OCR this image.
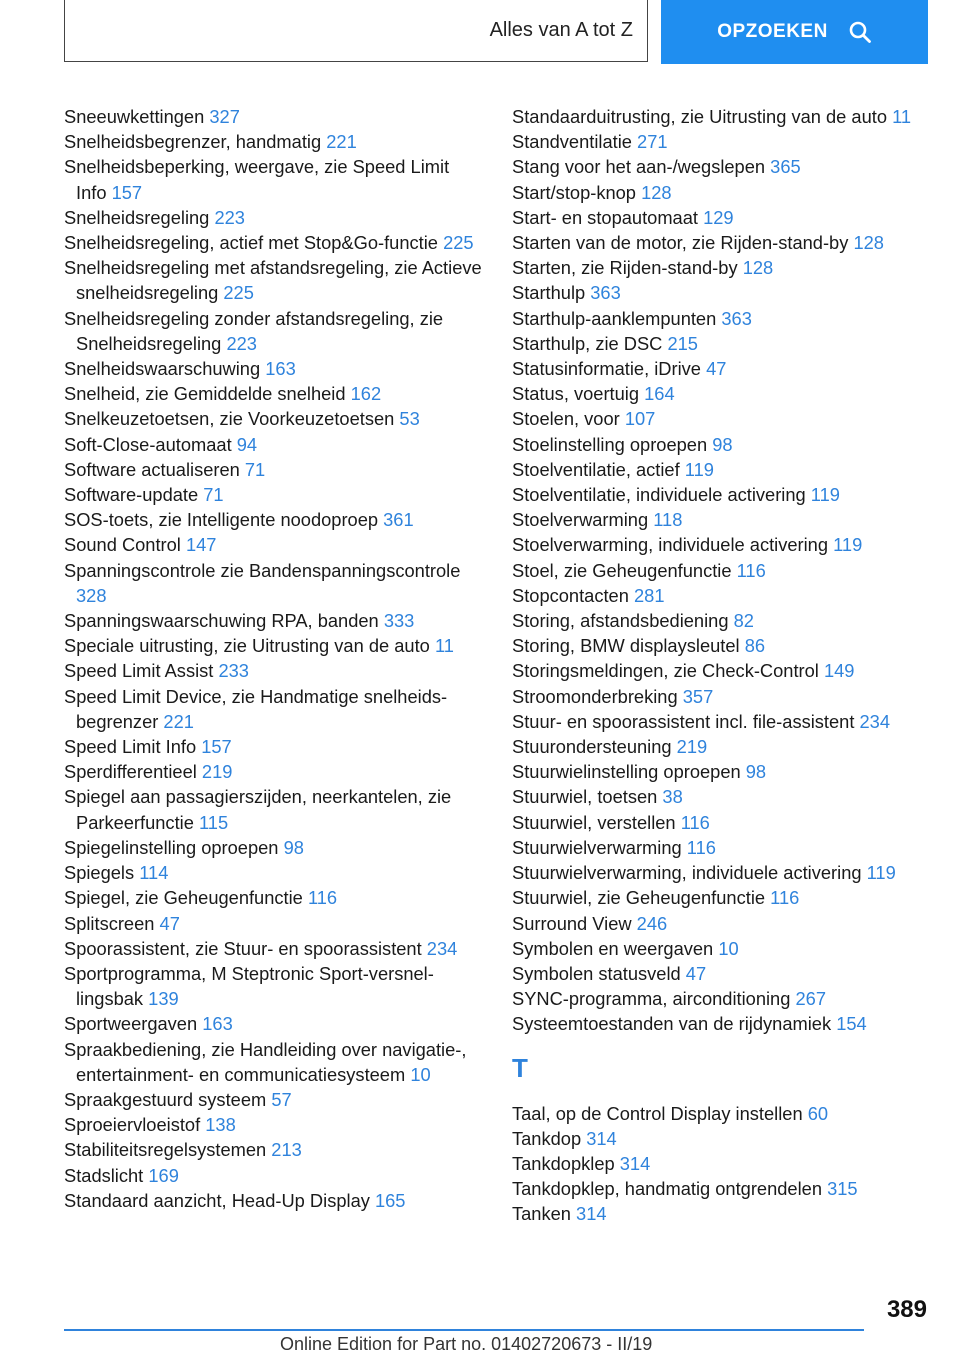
Alles van A tot Z	OPZOEKEN
Sneeuwkettingen 327
Snelheidsbegrenzer, handmatig 221
Snelheidsbeperking, weergave, zie Speed Limit Info 157
Snelheidsregeling 223
Snelheidsregeling, actief met Stop&Go-functie 225
Snelheidsregeling met afstandsregeling, zie Actieve snelheidsregeling 225
Snelheidsregeling zonder afstandsregeling, zie Snelheidsregeling 223
Snelheidswaarschuwing 163
Snelheid, zie Gemiddelde snelheid 162
Snelkeuzetoetsen, zie Voorkeuzetoetsen 53
Soft-Close-automaat 94
Software actualiseren 71
Software-update 71
SOS-toets, zie Intelligente noodoproep 361
Sound Control 147
Spanningscontrole zie Bandenspanningscontrole 328
Spanningswaarschuwing RPA, banden 333
Speciale uitrusting, zie Uitrusting van de auto 11
Speed Limit Assist 233
Speed Limit Device, zie Handmatige snelheidsbegrenzer 221
Speed Limit Info 157
Sperdifferentieel 219
Spiegel aan passagierszijden, neerkantelen, zie Parkeerfunctie 115
Spiegelinstelling oproepen 98
Spiegels 114
Spiegel, zie Geheugenfunctie 116
Splitscreen 47
Spoorassistent, zie Stuur- en spoorassistent 234
Sportprogramma, M Steptronic Sport-versnellingsbak 139
Sportweergaven 163
Spraakbediening, zie Handleiding over navigatie-, entertainment- en communicatiesysteem 10
Spraakgestuurd systeem 57
Sproeiervloeistof 138
Stabiliteitsregelsystemen 213
Stadslicht 169
Standaard aanzicht, Head-Up Display 165
Standaarduitrusting, zie Uitrusting van de auto 11
Standventilatie 271
Stang voor het aan-/wegslepen 365
Start/stop-knop 128
Start- en stopautomaat 129
Starten van de motor, zie Rijden-stand-by 128
Starten, zie Rijden-stand-by 128
Starthulp 363
Starthulp-aanklempunten 363
Starthulp, zie DSC 215
Statusinformatie, iDrive 47
Status, voertuig 164
Stoelen, voor 107
Stoelinstelling oproepen 98
Stoelventilatie, actief 119
Stoelventilatie, individuele activering 119
Stoelverwarming 118
Stoelverwarming, individuele activering 119
Stoel, zie Geheugenfunctie 116
Stopcontacten 281
Storing, afstandsbediening 82
Storing, BMW displaysleutel 86
Storingsmeldingen, zie Check-Control 149
Stroomonderbreking 357
Stuur- en spoorassistent incl. file-assistent 234
Stuurondersteuning 219
Stuurwielinstelling oproepen 98
Stuurwiel, toetsen 38
Stuurwiel, verstellen 116
Stuurwielverwarming 116
Stuurwielverwarming, individuele activering 119
Stuurwiel, zie Geheugenfunctie 116
Surround View 246
Symbolen en weergaven 10
Symbolen statusveld 47
SYNC-programma, airconditioning 267
Systeemtoestanden van de rijdynamiek 154
T
Taal, op de Control Display instellen 60
Tankdop 314
Tankdopklep 314
Tankdopklep, handmatig ontgrendelen 315
Tanken 314
389
Online Edition for Part no. 01402720673 - II/19
